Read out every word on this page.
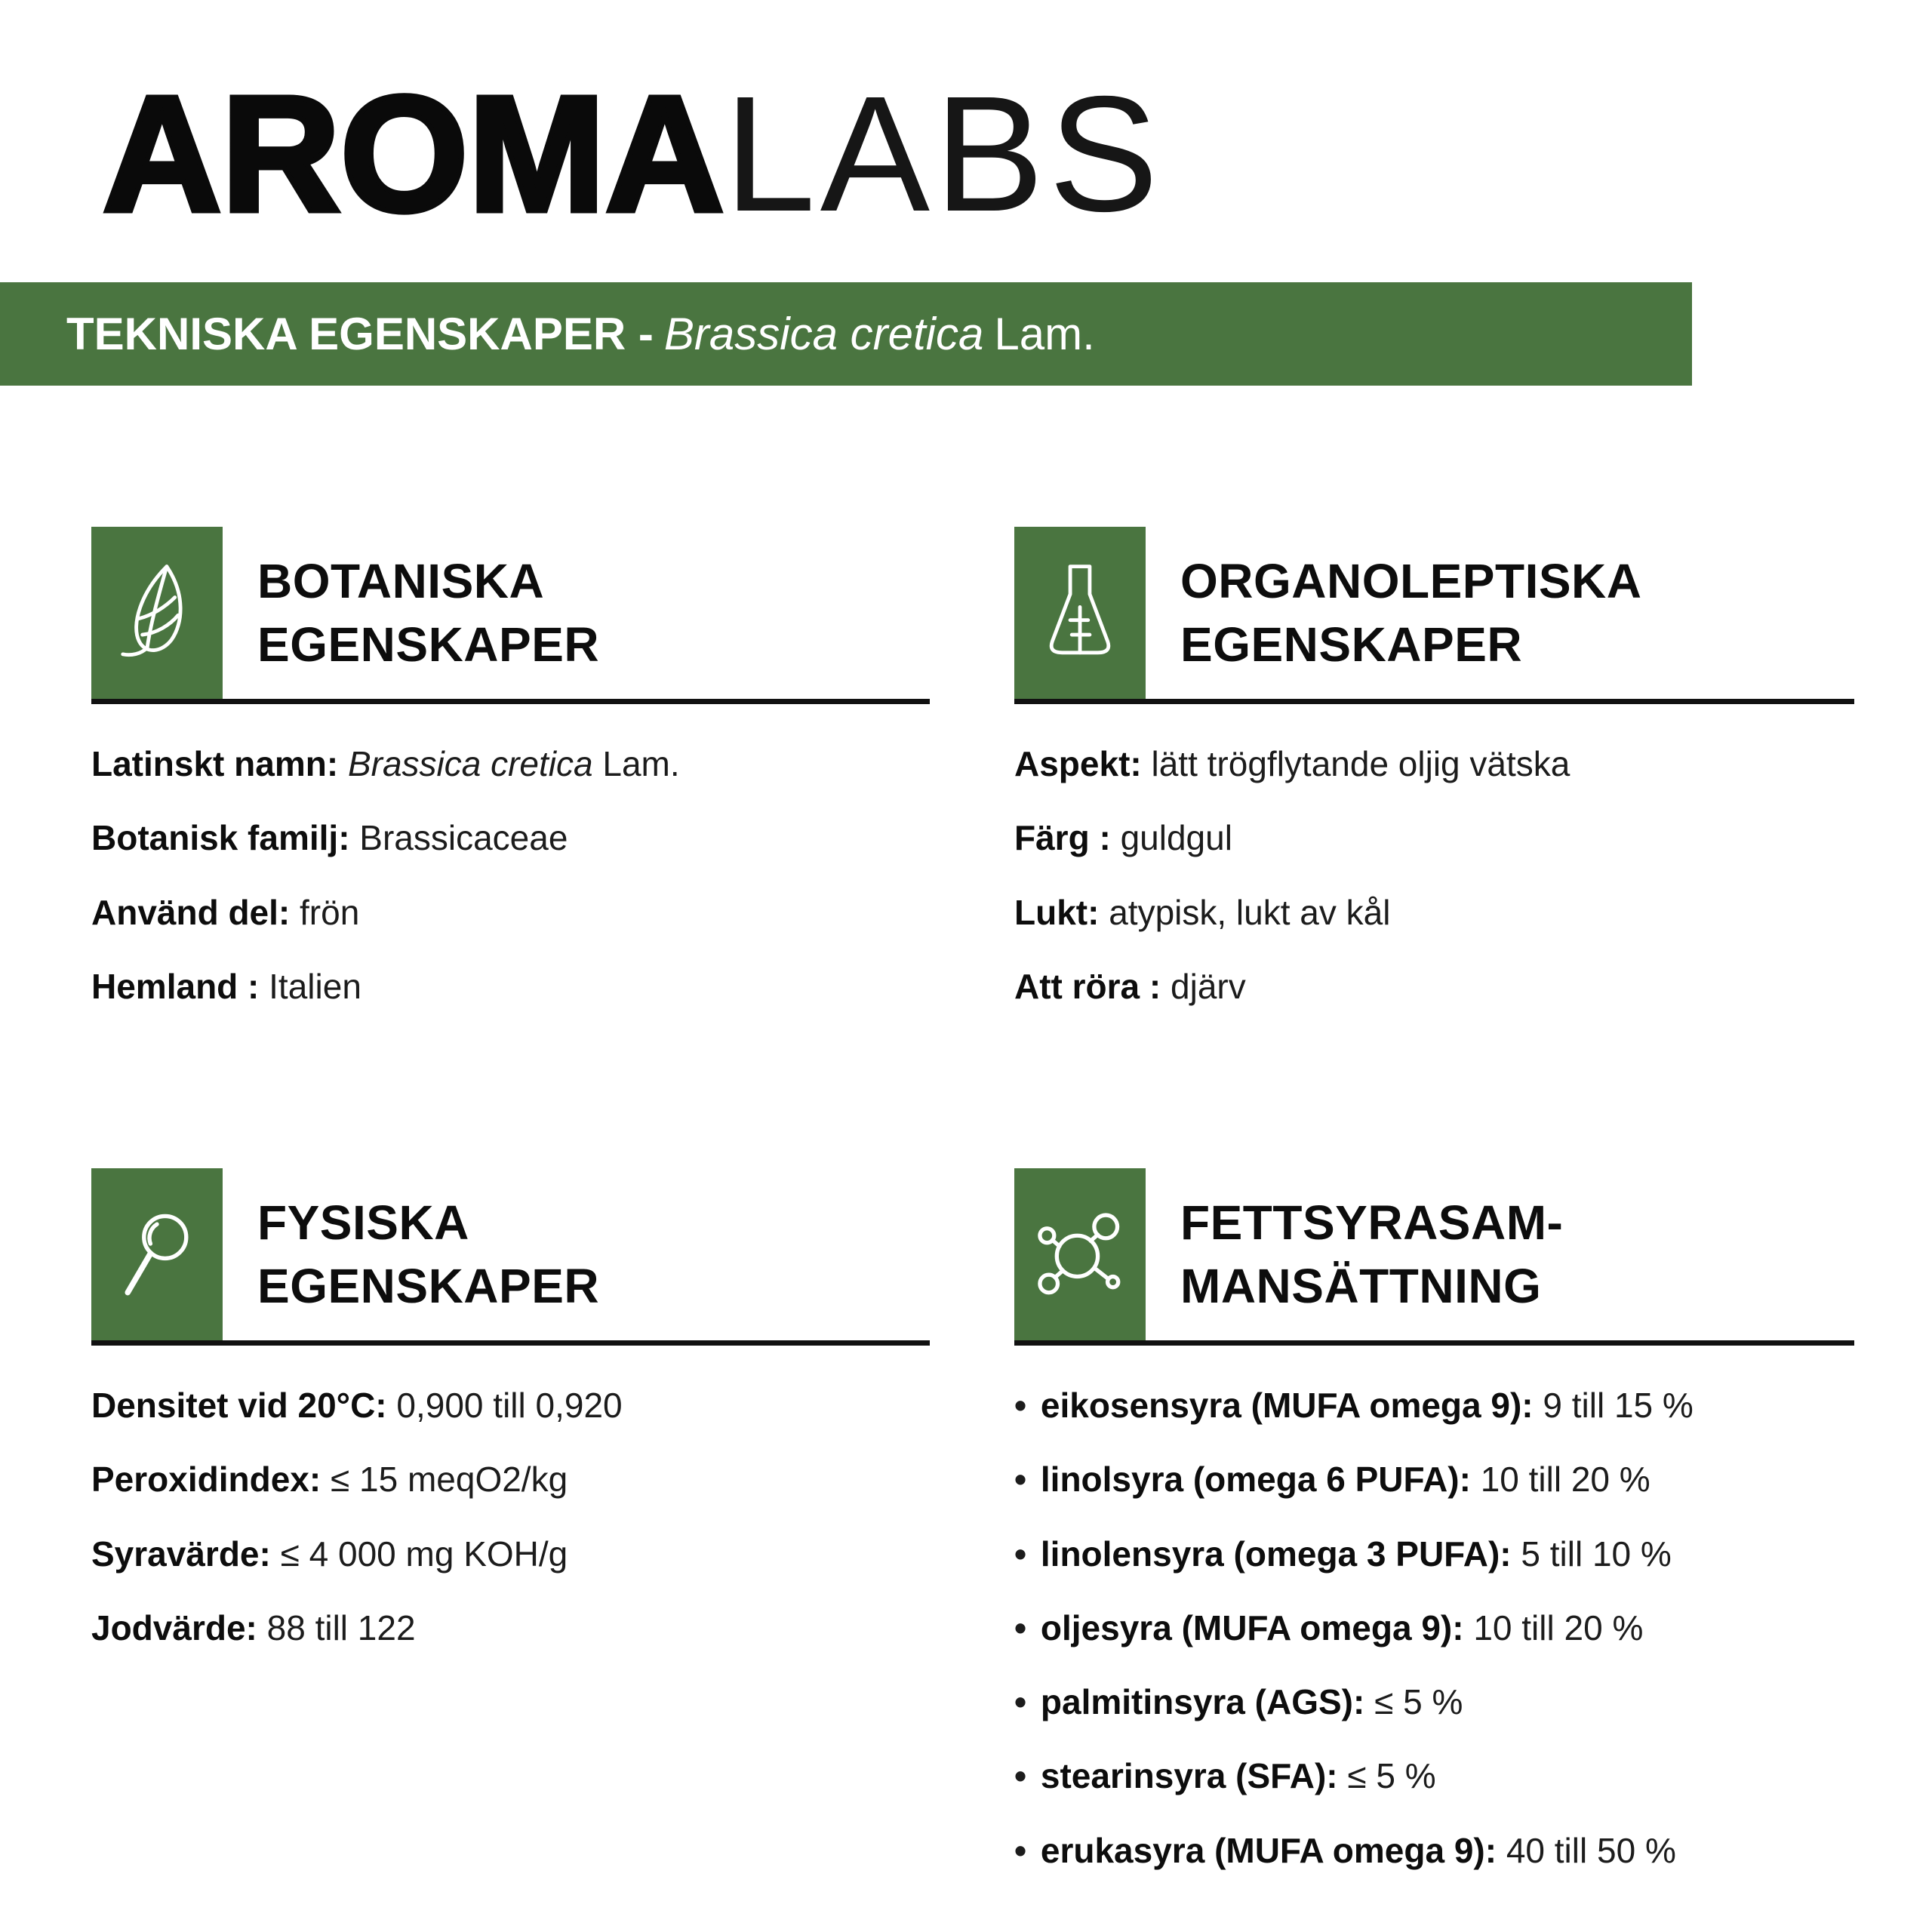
AROMALABS
TEKNISKA EGENSKAPER - Brassica cretica Lam.
BOTANISKA
EGENSKAPER
Latinskt namn: Brassica cretica Lam.
Botanisk familj: Brassicaceae
Använd del: frön
Hemland : Italien
ORGANOLEPTISKA
EGENSKAPER
Aspekt: lätt trögflytande oljig vätska
Färg : guldgul
Lukt: atypisk, lukt av kål
Att röra : djärv
FYSISKA
EGENSKAPER
Densitet vid 20°C: 0,900 till 0,920
Peroxidindex: ≤ 15 meqO2/kg
Syravärde: ≤ 4 000 mg KOH/g
Jodvärde: 88 till 122
FETTSYRASAM-
MANSÄTTNING
• eikosensyra (MUFA omega 9): 9 till 15 %
• linolsyra (omega 6 PUFA): 10 till 20 %
• linolensyra (omega 3 PUFA): 5 till 10 %
• oljesyra (MUFA omega 9): 10 till 20 %
• palmitinsyra (AGS): ≤ 5 %
• stearinsyra (SFA): ≤ 5 %
• erukasyra (MUFA omega 9): 40 till 50 %
